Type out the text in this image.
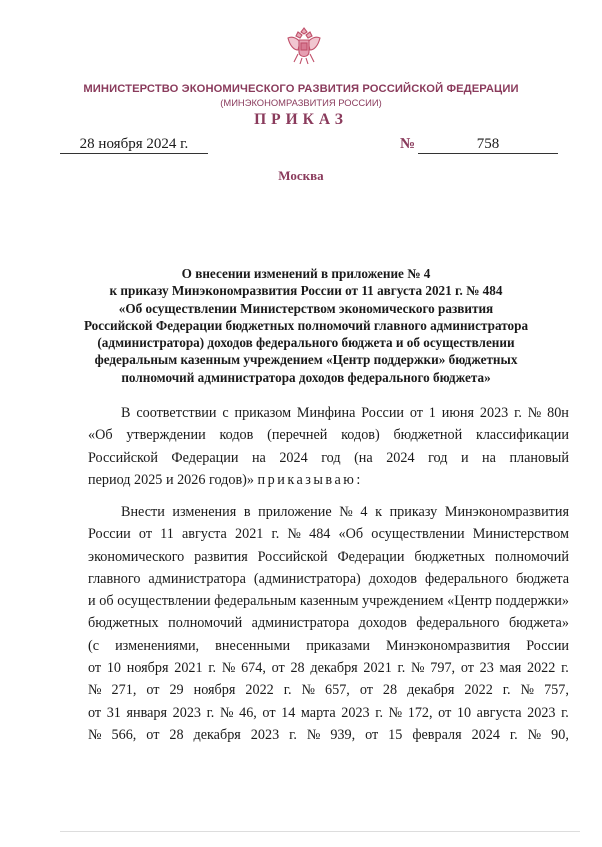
МИНИСТЕРСТВО ЭКОНОМИЧЕСКОГО РАЗВИТИЯ РОССИЙСКОЙ ФЕДЕРАЦИИ
(МИНЭКОНОМРАЗВИТИЯ РОССИИ)
ПРИКАЗ
28 ноября 2024 г.	№	758
Москва
О внесении изменений в приложение № 4
к приказу Минэкономразвития России от 11 августа 2021 г. № 484
«Об осуществлении Министерством экономического развития
Российской Федерации бюджетных полномочий главного администратора
(администратора) доходов федерального бюджета и об осуществлении
федеральным казенным учреждением «Центр поддержки» бюджетных
полномочий администратора доходов федерального бюджета»
В соответствии с приказом Минфина России от 1 июня 2023 г. № 80н
«Об утверждении кодов (перечней кодов) бюджетной классификации
Российской Федерации на 2024 год (на 2024 год и на плановый
период 2025 и 2026 годов)» приказываю:
Внести изменения в приложение № 4 к приказу Минэкономразвития
России от 11 августа 2021 г. № 484 «Об осуществлении Министерством
экономического развития Российской Федерации бюджетных полномочий
главного администратора (администратора) доходов федерального бюджета
и об осуществлении федеральным казенным учреждением «Центр поддержки»
бюджетных полномочий администратора доходов федерального бюджета»
(с изменениями, внесенными приказами Минэкономразвития России
от 10 ноября 2021 г. № 674, от 28 декабря 2021 г. № 797, от 23 мая 2022 г.
№ 271, от 29 ноября 2022 г. № 657, от 28 декабря 2022 г. № 757,
от 31 января 2023 г. № 46, от 14 марта 2023 г. № 172, от 10 августа 2023 г.
№ 566, от 28 декабря 2023 г. № 939, от 15 февраля 2024 г. № 90,
